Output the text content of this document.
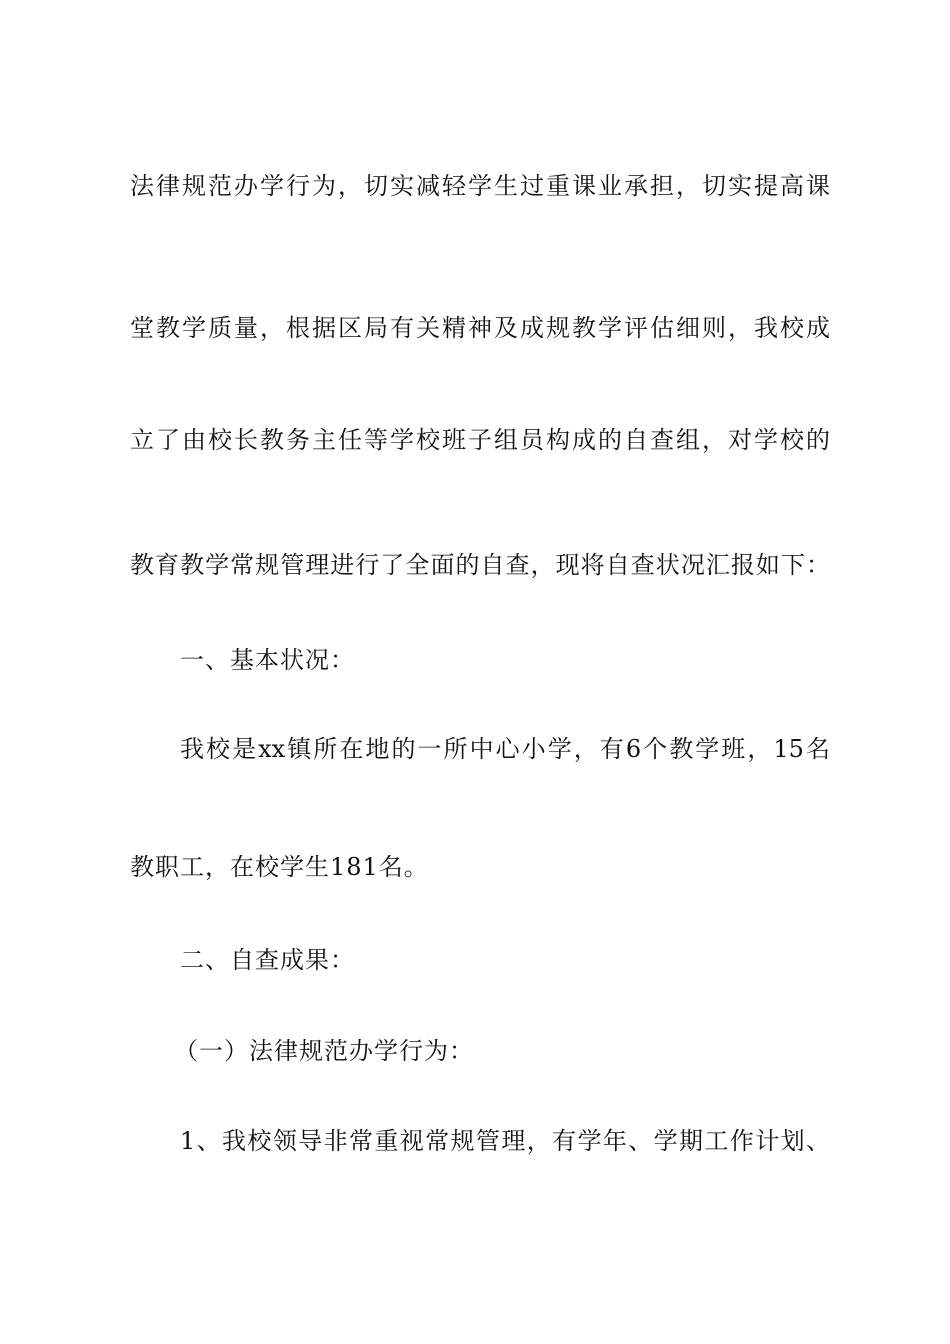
法律规范办学行为，切实减轻学生过重课业承担，切实提高课
堂教学质量，根据区局有关精神及成规教学评估细则，我校成
立了由校长教务主任等学校班子组员构成的自查组，对学校的
教育教学常规管理进行了全面的自查，现将自查状况汇报如下：
一、基本状况：
我校是xx镇所在地的一所中心小学，有6个教学班，15名
教职工，在校学生181名。
二、自查成果：
（一）法律规范办学行为：
1、我校领导非常重视常规管理，有学年、学期工作计划、
